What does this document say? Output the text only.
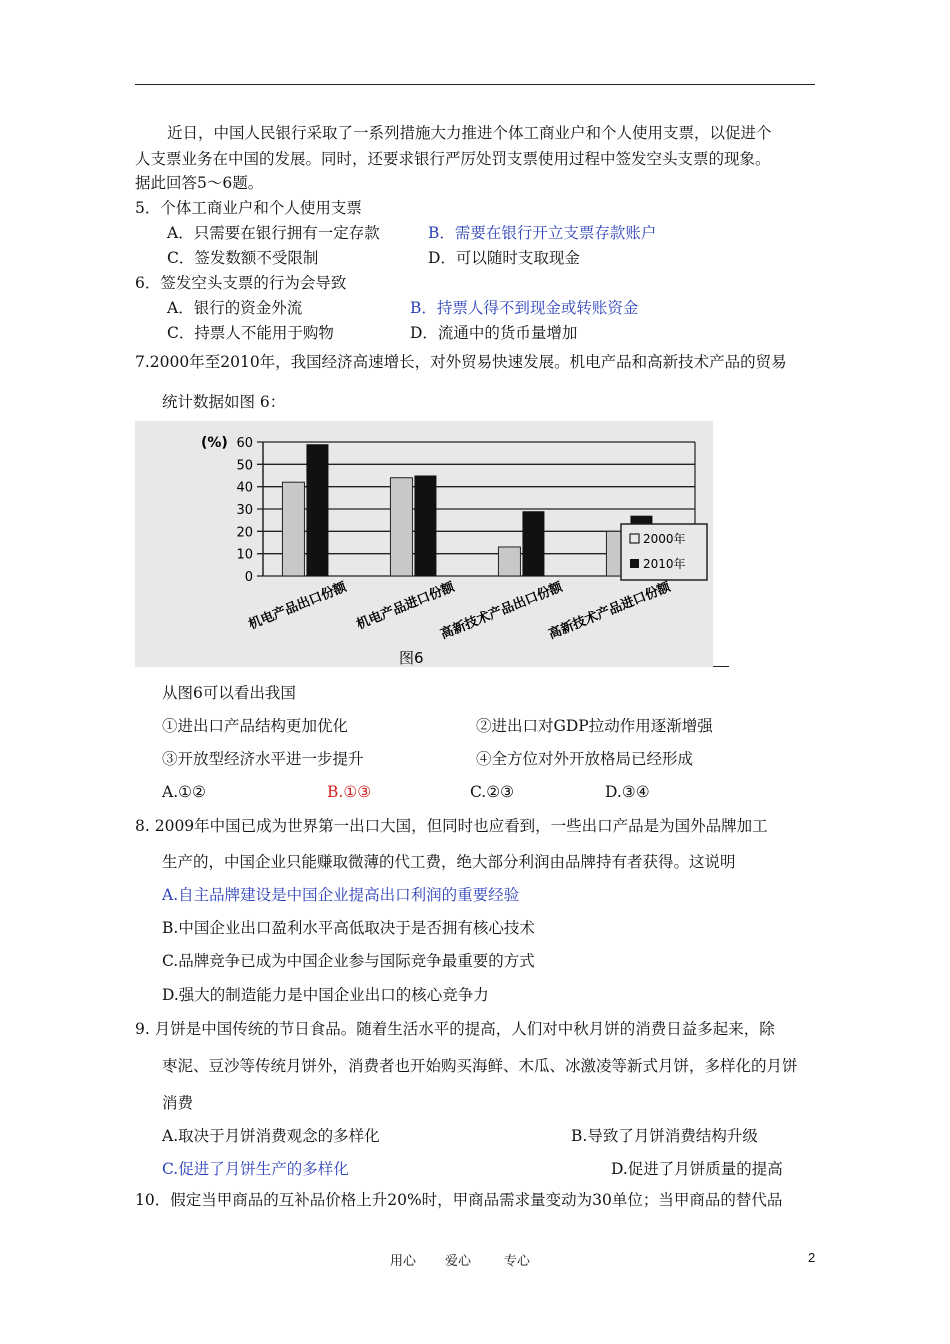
近日，中国人民银行采取了一系列措施大力推进个体工商业户和个人使用支票，以促进个
人支票业务在中国的发展。同时，还要求银行严厉处罚支票使用过程中签发空头支票的现象。
据此回答5～6题。
5．个体工商业户和个人使用支票
A．只需要在银行拥有一定存款	B．需要在银行开立支票存款账户
C．签发数额不受限制	D．可以随时支取现金
6．签发空头支票的行为会导致
A．银行的资金外流	B．持票人得不到现金或转账资金
C．持票人不能用于购物	D．流通中的货币量增加
7.2000年至2010年，我国经济高速增长，对外贸易快速发展。机电产品和高新技术产品的贸易
统计数据如图 6：
(%)
0
10
20
30
40
50
60
机电产品出口份额 机电产品进口份额
高新技术产品出口份额
高新技术产品进口份额
2000年
2010年
图6
从图6可以看出我国
①进出口产品结构更加优化	②进出口对GDP拉动作用逐渐增强
③开放型经济水平进一步提升	④全方位对外开放格局已经形成
A.①②	B.①③	C.②③	D.③④
8. 2009年中国已成为世界第一出口大国，但同时也应看到，一些出口产品是为国外品牌加工
生产的，中国企业只能赚取微薄的代工费，绝大部分利润由品牌持有者获得。这说明
A.自主品牌建设是中国企业提高出口利润的重要经验
B.中国企业出口盈利水平高低取决于是否拥有核心技术
C.品牌竞争已成为中国企业参与国际竞争最重要的方式
D.强大的制造能力是中国企业出口的核心竞争力
9. 月饼是中国传统的节日食品。随着生活水平的提高，人们对中秋月饼的消费日益多起来，除
枣泥、豆沙等传统月饼外，消费者也开始购买海鲜、木瓜、冰激凌等新式月饼，多样化的月饼
消费
A.取决于月饼消费观念的多样化	B.导致了月饼消费结构升级
C.促进了月饼生产的多样化	D.促进了月饼质量的提高
10．假定当甲商品的互补品价格上升20%时，甲商品需求量变动为30单位；当甲商品的替代品
用心 爱心	专心	2
